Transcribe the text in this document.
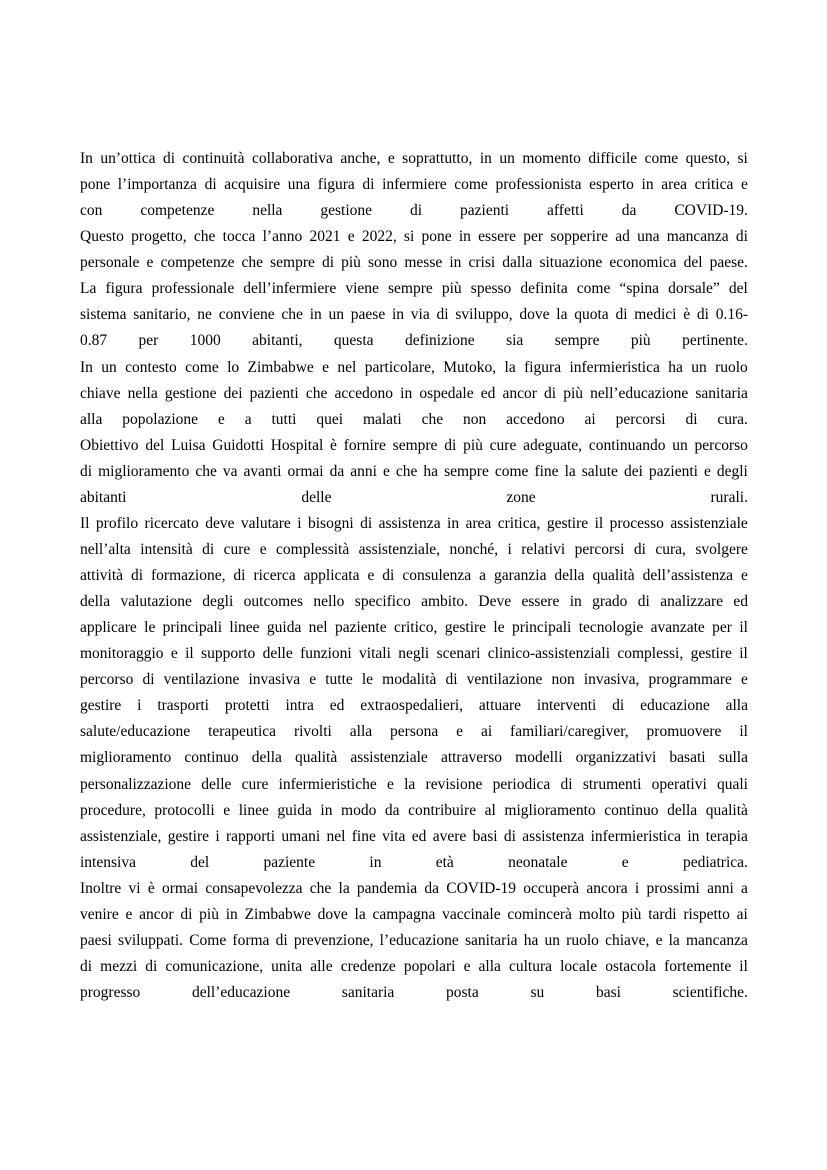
In un’ottica di continuità collaborativa anche, e soprattutto, in un momento difficile come questo, si
pone l’importanza di acquisire una figura di infermiere come professionista esperto in area critica e
con competenze nella gestione di pazienti affetti da COVID-19.
Questo progetto, che tocca l’anno 2021 e 2022, si pone in essere per sopperire ad una mancanza di
personale e competenze che sempre di più sono messe in crisi dalla situazione economica del paese.
La figura professionale dell’infermiere viene sempre più spesso definita come “spina dorsale” del
sistema sanitario, ne conviene che in un paese in via di sviluppo, dove la quota di medici è di 0.16-
0.87 per 1000 abitanti, questa definizione sia sempre più pertinente.
In un contesto come lo Zimbabwe e nel particolare, Mutoko, la figura infermieristica ha un ruolo
chiave nella gestione dei pazienti che accedono in ospedale ed ancor di più nell’educazione sanitaria
alla popolazione e a tutti quei malati che non accedono ai percorsi di cura.
Obiettivo del Luisa Guidotti Hospital è fornire sempre di più cure adeguate, continuando un percorso
di miglioramento che va avanti ormai da anni e che ha sempre come fine la salute dei pazienti e degli
abitanti	delle	zone	rurali.
Il profilo ricercato deve valutare i bisogni di assistenza in area critica, gestire il processo assistenziale
nell’alta intensità di cure e complessità assistenziale, nonché, i relativi percorsi di cura, svolgere
attività di formazione, di ricerca applicata e di consulenza a garanzia della qualità dell’assistenza e
della valutazione degli outcomes nello specifico ambito. Deve essere in grado di analizzare ed
applicare le principali linee guida nel paziente critico, gestire le principali tecnologie avanzate per il
monitoraggio e il supporto delle funzioni vitali negli scenari clinico-assistenziali complessi, gestire il
percorso di ventilazione invasiva e tutte le modalità di ventilazione non invasiva, programmare e
gestire i trasporti protetti intra ed extraospedalieri, attuare interventi di educazione alla
salute/educazione terapeutica rivolti alla persona e ai familiari/caregiver, promuovere il
miglioramento continuo della qualità assistenziale attraverso modelli organizzativi basati sulla
personalizzazione delle cure infermieristiche e la revisione periodica di strumenti operativi quali
procedure, protocolli e linee guida in modo da contribuire al miglioramento continuo della qualità
assistenziale, gestire i rapporti umani nel fine vita ed avere basi di assistenza infermieristica in terapia
intensiva	del	paziente	in	età	neonatale	e	pediatrica.
Inoltre vi è ormai consapevolezza che la pandemia da COVID-19 occuperà ancora i prossimi anni a
venire e ancor di più in Zimbabwe dove la campagna vaccinale comincerà molto più tardi rispetto ai
paesi sviluppati. Come forma di prevenzione, l’educazione sanitaria ha un ruolo chiave, e la mancanza
di mezzi di comunicazione, unita alle credenze popolari e alla cultura locale ostacola fortemente il
progresso	dell’educazione	sanitaria	posta	su	basi	scientifiche.
